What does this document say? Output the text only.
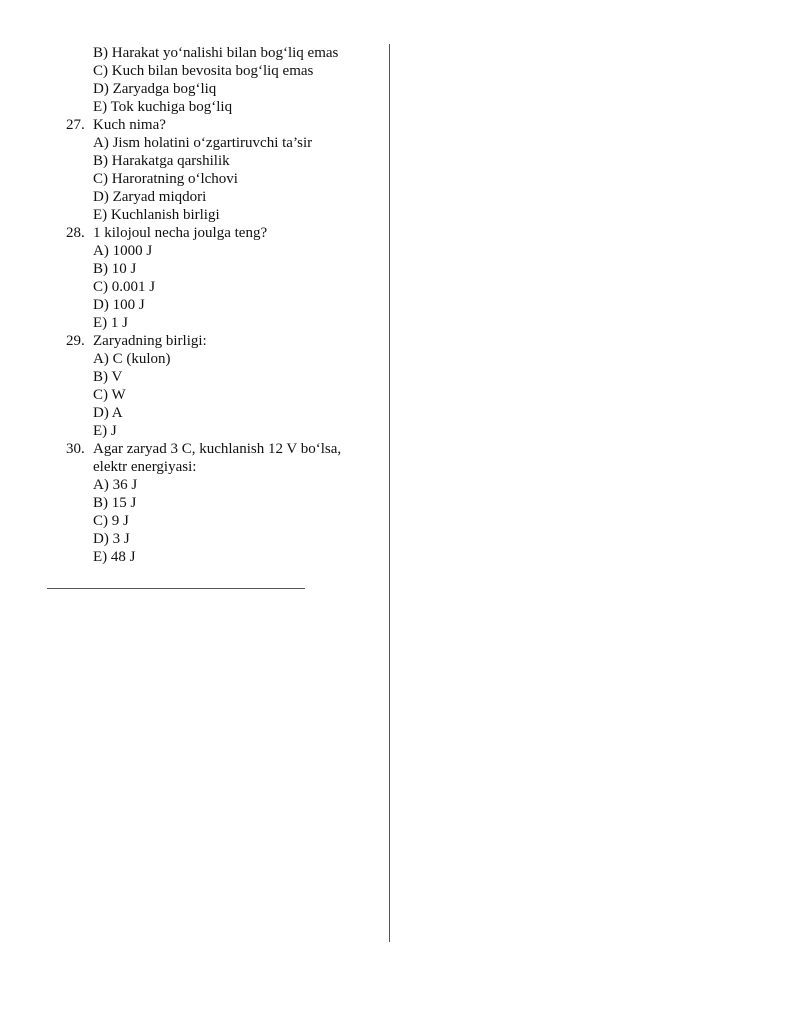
B) Harakat yo‘nalishi bilan bog‘liq emas
C) Kuch bilan bevosita bog‘liq emas
D) Zaryadga bog‘liq
E) Tok kuchiga bog‘liq
27. Kuch nima?
A) Jism holatini o‘zgartiruvchi ta’sir
B) Harakatga qarshilik
C) Haroratning o‘lchovi
D) Zaryad miqdori
E) Kuchlanish birligi
28. 1 kilojoul necha joulga teng?
A) 1000 J
B) 10 J
C) 0.001 J
D) 100 J
E) 1 J
29. Zaryadning birligi:
A) C (kulon)
B) V
C) W
D) A
E) J
30. Agar zaryad 3 C, kuchlanish 12 V bo‘lsa,
elektr energiyasi:
A) 36 J
B) 15 J
C) 9 J
D) 3 J
E) 48 J
